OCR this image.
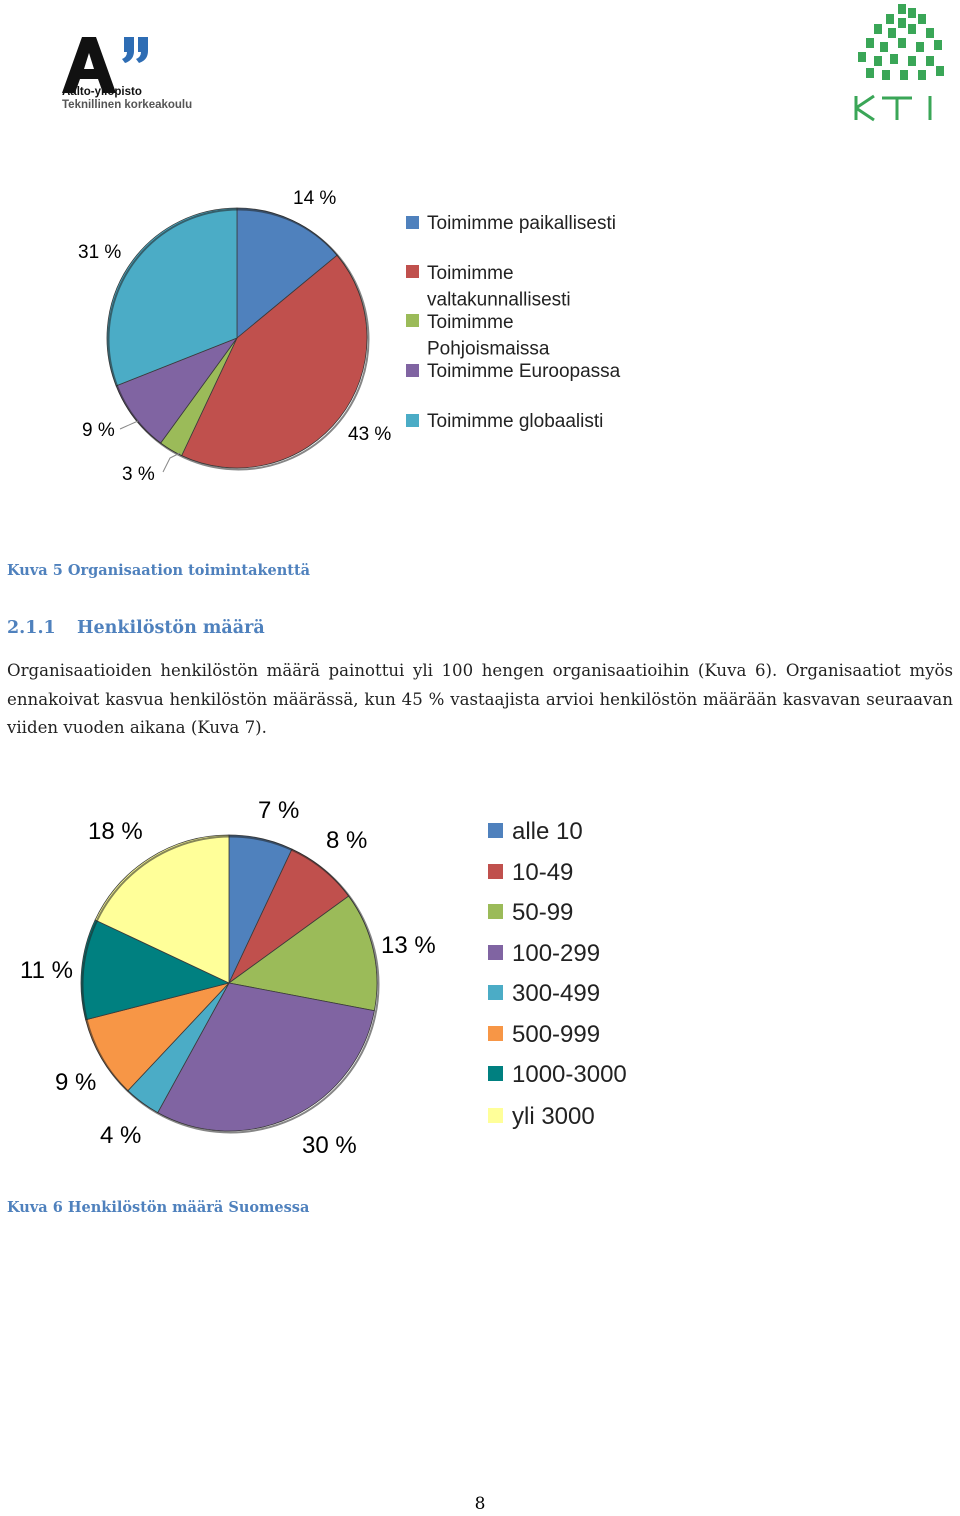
Aalto-yliopisto
Teknillinen korkeakoulu
14 %
43 %
3 %
9 %
31 %
Toimimme paikallisesti
Toimimme valtakunnallisesti
Toimimme Pohjoismaissa
Toimimme Euroopassa
Toimimme globaalisti
Kuva 5 Organisaation toimintakenttä
2.1.1 Henkilöstön määrä
Organisaatioiden henkilöstön määrä painottui yli 100 hengen organisaatioihin (Kuva 6). Organisaatiot myös ennakoivat kasvua henkilöstön määrässä, kun 45 % vastaajista arvioi henkilöstön määrään kasvavan seuraavan viiden vuoden aikana (Kuva 7).
7 %
8 %
13 %
30 %
4 %
9 %
11 %
18 %	alle 10
10-49
50-99
100-299
300-499
500-999
1000-3000
yli 3000
Kuva 6 Henkilöstön määrä Suomessa
8
